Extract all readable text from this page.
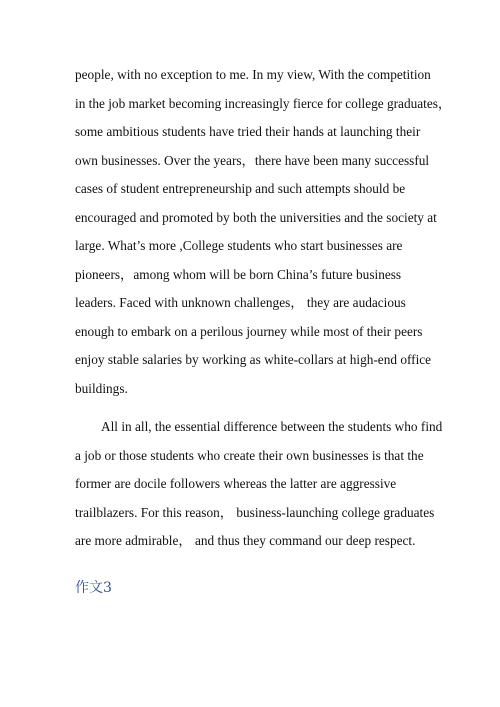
people, with no exception to me. In my view, With the competition
in the job market becoming increasingly fierce for college graduates，
some ambitious students have tried their hands at launching their
own businesses. Over the years，there have been many successful
cases of student entrepreneurship and such attempts should be
encouraged and promoted by both the universities and the society at
large. What’s more ,College students who start businesses are
pioneers，among whom will be born China’s future business
leaders. Faced with unknown challenges， they are audacious
enough to embark on a perilous journey while most of their peers
enjoy stable salaries by working as white-collars at high-end office
buildings.
All in all, the essential difference between the students who find
a job or those students who create their own businesses is that the
former are docile followers whereas the latter are aggressive
trailblazers. For this reason， business-launching college graduates
are more admirable， and thus they command our deep respect.
作文3
